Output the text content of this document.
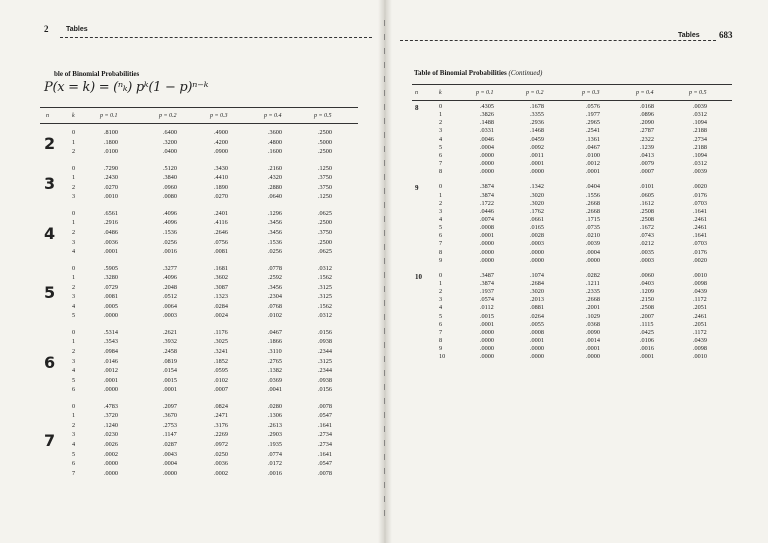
2	Tables
ble of Binomial Probabilities
P(x = k) = (ⁿₖ) pᵏ(1 − p)ⁿ⁻ᵏ
n	k	p = 0.1	p = 0.2	p = 0.3	p = 0.4	p = 0.5
2
0	.8100	.6400	.4900	.3600	.2500
1	.1800	.3200	.4200	.4800	.5000
2	.0100	.0400	.0900	.1600	.2500
3
0	.7290	.5120	.3430	.2160	.1250
1	.2430	.3840	.4410	.4320	.3750
2	.0270	.0960	.1890	.2880	.3750
3	.0010	.0080	.0270	.0640	.1250
4
0	.6561	.4096	.2401	.1296	.0625
1	.2916	.4096	.4116	.3456	.2500
2	.0486	.1536	.2646	.3456	.3750
3	.0036	.0256	.0756	.1536	.2500
4	.0001	.0016	.0081	.0256	.0625
5
0	.5905	.3277	.1681	.0778	.0312
1	.3280	.4096	.3602	.2592	.1562
2	.0729	.2048	.3087	.3456	.3125
3	.0081	.0512	.1323	.2304	.3125
4	.0005	.0064	.0284	.0768	.1562
5	.0000	.0003	.0024	.0102	.0312
6
0	.5314	.2621	.1176	.0467	.0156
1	.3543	.3932	.3025	.1866	.0938
2	.0984	.2458	.3241	.3110	.2344
3	.0146	.0819	.1852	.2765	.3125
4	.0012	.0154	.0595	.1382	.2344
5	.0001	.0015	.0102	.0369	.0938
6	.0000	.0001	.0007	.0041	.0156
7
0	.4783	.2097	.0824	.0280	.0078
1	.3720	.3670	.2471	.1306	.0547
2	.1240	.2753	.3176	.2613	.1641
3	.0230	.1147	.2269	.2903	.2734
4	.0026	.0287	.0972	.1935	.2734
5	.0002	.0043	.0250	.0774	.1641
6	.0000	.0004	.0036	.0172	.0547
7	.0000	.0000	.0002	.0016	.0078
Tables 683
Table of Binomial Probabilities (Continued)
n	k	p = 0.1	p = 0.2	p = 0.3	p = 0.4	p = 0.5
8	0	.4305	.1678	.0576	.0168	.0039
1	.3826	.3355	.1977	.0896	.0312
2	.1488	.2936	.2965	.2090	.1094
3	.0331	.1468	.2541	.2787	.2188
4	.0046	.0459	.1361	.2322	.2734
5	.0004	.0092	.0467	.1239	.2188
6	.0000	.0011	.0100	.0413	.1094
7	.0000	.0001	.0012	.0079	.0312
8	.0000	.0000	.0001	.0007	.0039
9	0	.3874	.1342	.0404	.0101	.0020
1	.3874	.3020	.1556	.0605	.0176
2	.1722	.3020	.2668	.1612	.0703
3	.0446	.1762	.2668	.2508	.1641
4	.0074	.0661	.1715	.2508	.2461
5	.0008	.0165	.0735	.1672	.2461
6	.0001	.0028	.0210	.0743	.1641
7	.0000	.0003	.0039	.0212	.0703
8	.0000	.0000	.0004	.0035	.0176
9	.0000	.0000	.0000	.0003	.0020
10	0	.3487	.1074	.0282	.0060	.0010
1	.3874	.2684	.1211	.0403	.0098
2	.1937	.3020	.2335	.1209	.0439
3	.0574	.2013	.2668	.2150	.1172
4	.0112	.0881	.2001	.2508	.2051
5	.0015	.0264	.1029	.2007	.2461
6	.0001	.0055	.0368	.1115	.2051
7	.0000	.0008	.0090	.0425	.1172
8	.0000	.0001	.0014	.0106	.0439
9	.0000	.0000	.0001	.0016	.0098
10	.0000	.0000	.0000	.0001	.0010
